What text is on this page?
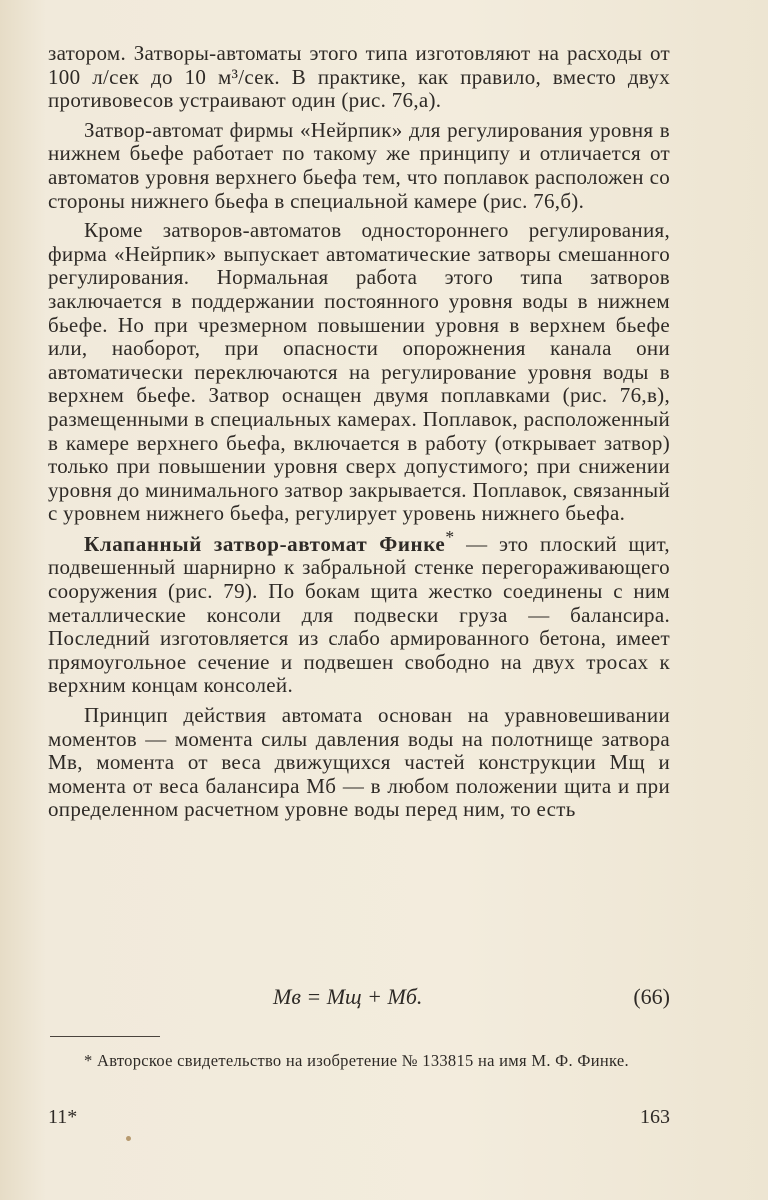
затором. Затворы-автоматы этого типа изготовляют на расходы от 100 л/сек до 10 м³/сек. В практике, как правило, вместо двух противовесов устраивают один (рис. 76,а).

Затвор-автомат фирмы «Нейрпик» для регулирования уровня в нижнем бьефе работает по такому же принципу и отличается от автоматов уровня верхнего бьефа тем, что поплавок расположен со стороны нижнего бьефа в специальной камере (рис. 76,б).

Кроме затворов-автоматов одностороннего регулирования, фирма «Нейрпик» выпускает автоматические затворы смешанного регулирования. Нормальная работа этого типа затворов заключается в поддержании постоянного уровня воды в нижнем бьефе. Но при чрезмерном повышении уровня в верхнем бьефе или, наоборот, при опасности опорожнения канала они автоматически переключаются на регулирование уровня воды в верхнем бьефе. Затвор оснащен двумя поплавками (рис. 76,в), размещенными в специальных камерах. Поплавок, расположенный в камере верхнего бьефа, включается в работу (открывает затвор) только при повышении уровня сверх допустимого; при снижении уровня до минимального затвор закрывается. Поплавок, связанный с уровнем нижнего бьефа, регулирует уровень нижнего бьефа.

Клапанный затвор-автомат Финке* — это плоский щит, подвешенный шарнирно к забральной стенке перегораживающего сооружения (рис. 79). По бокам щита жестко соединены с ним металлические консоли для подвески груза — балансира. Последний изготовляется из слабо армированного бетона, имеет прямоугольное сечение и подвешен свободно на двух тросах к верхним концам консолей.

Принцип действия автомата основан на уравновешивании моментов — момента силы давления воды на полотнище затвора Mв, момента от веса движущихся частей конструкции Mщ и момента от веса балансира Mб — в любом положении щита и при определенном расчетном уровне воды перед ним, то есть

Mв = Mщ + Mб.	(66)

* Авторское свидетельство на изобретение № 133815 на имя М. Ф. Финке.

11*	163
